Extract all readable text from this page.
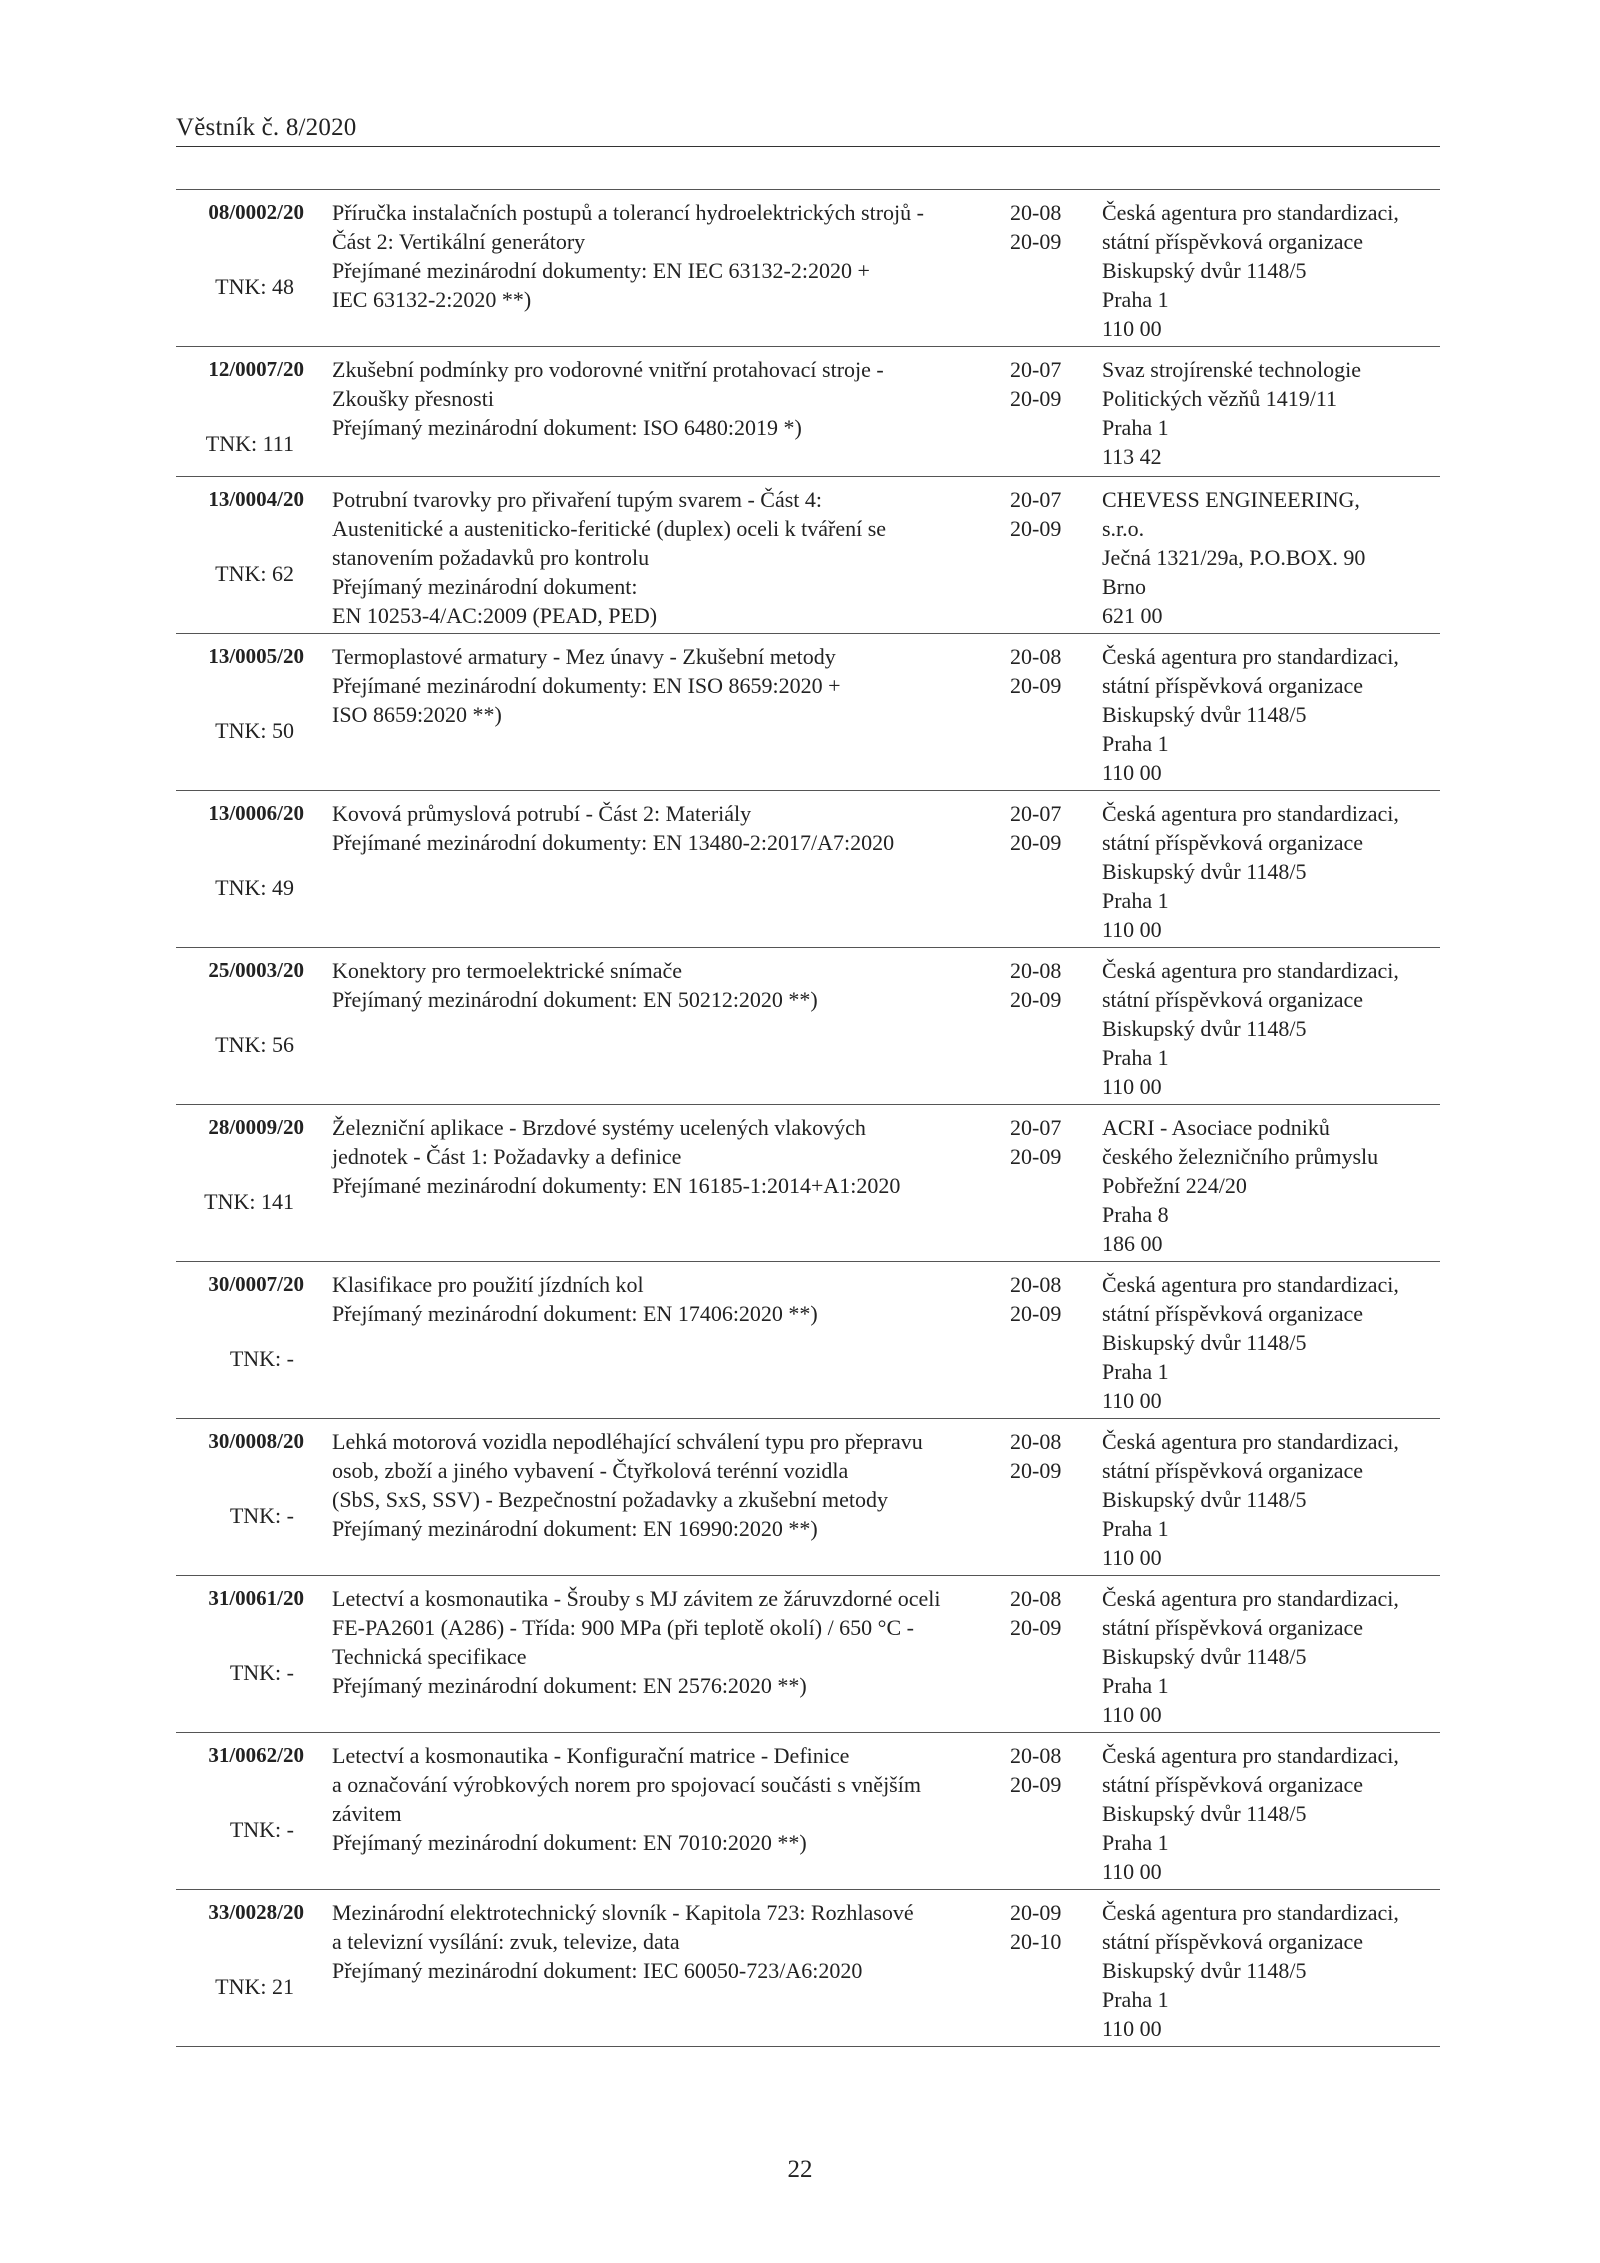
Věstník č. 8/2020
08/0002/20
TNK: 48
Příručka instalačních postupů a tolerancí hydroelektrických strojů -
Část 2: Vertikální generátory
Přejímané mezinárodní dokumenty: EN IEC 63132-2:2020 +
IEC 63132-2:2020 **)
20-08
20-09
Česká agentura pro standardizaci,
státní příspěvková organizace
Biskupský dvůr 1148/5
Praha 1
110 00
12/0007/20
TNK: 111
Zkušební podmínky pro vodorovné vnitřní protahovací stroje -
Zkoušky přesnosti
Přejímaný mezinárodní dokument: ISO 6480:2019 *)
20-07
20-09
Svaz strojírenské technologie
Politických vězňů 1419/11
Praha 1
113 42
13/0004/20
TNK: 62
Potrubní tvarovky pro přivaření tupým svarem - Část 4:
Austenitické a austeniticko-feritické (duplex) oceli k tváření se
stanovením požadavků pro kontrolu
Přejímaný mezinárodní dokument:
EN 10253-4/AC:2009 (PEAD, PED)
20-07
20-09
CHEVESS ENGINEERING,
s.r.o.
Ječná 1321/29a, P.O.BOX. 90
Brno
621 00
13/0005/20
TNK: 50
Termoplastové armatury - Mez únavy - Zkušební metody
Přejímané mezinárodní dokumenty: EN ISO 8659:2020 +
ISO 8659:2020 **)
20-08
20-09
Česká agentura pro standardizaci,
státní příspěvková organizace
Biskupský dvůr 1148/5
Praha 1
110 00
13/0006/20
TNK: 49
Kovová průmyslová potrubí - Část 2: Materiály
Přejímané mezinárodní dokumenty: EN 13480-2:2017/A7:2020
20-07
20-09
Česká agentura pro standardizaci,
státní příspěvková organizace
Biskupský dvůr 1148/5
Praha 1
110 00
25/0003/20
TNK: 56
Konektory pro termoelektrické snímače
Přejímaný mezinárodní dokument: EN 50212:2020 **)
20-08
20-09
Česká agentura pro standardizaci,
státní příspěvková organizace
Biskupský dvůr 1148/5
Praha 1
110 00
28/0009/20
TNK: 141
Železniční aplikace - Brzdové systémy ucelených vlakových
jednotek - Část 1: Požadavky a definice
Přejímané mezinárodní dokumenty: EN 16185-1:2014+A1:2020
20-07
20-09
ACRI - Asociace podniků
českého železničního průmyslu
Pobřežní 224/20
Praha 8
186 00
30/0007/20
TNK: -
Klasifikace pro použití jízdních kol
Přejímaný mezinárodní dokument: EN 17406:2020 **)
20-08
20-09
Česká agentura pro standardizaci,
státní příspěvková organizace
Biskupský dvůr 1148/5
Praha 1
110 00
30/0008/20
TNK: -
Lehká motorová vozidla nepodléhající schválení typu pro přepravu
osob, zboží a jiného vybavení - Čtyřkolová terénní vozidla
(SbS, SxS, SSV) - Bezpečnostní požadavky a zkušební metody
Přejímaný mezinárodní dokument: EN 16990:2020 **)
20-08
20-09
Česká agentura pro standardizaci,
státní příspěvková organizace
Biskupský dvůr 1148/5
Praha 1
110 00
31/0061/20
TNK: -
Letectví a kosmonautika - Šrouby s MJ závitem ze žáruvzdorné oceli
FE-PA2601 (A286) - Třída: 900 MPa (při teplotě okolí) / 650 °C -
Technická specifikace
Přejímaný mezinárodní dokument: EN 2576:2020 **)
20-08
20-09
Česká agentura pro standardizaci,
státní příspěvková organizace
Biskupský dvůr 1148/5
Praha 1
110 00
31/0062/20
TNK: -
Letectví a kosmonautika - Konfigurační matrice - Definice
a označování výrobkových norem pro spojovací součásti s vnějším
závitem
Přejímaný mezinárodní dokument: EN 7010:2020 **)
20-08
20-09
Česká agentura pro standardizaci,
státní příspěvková organizace
Biskupský dvůr 1148/5
Praha 1
110 00
33/0028/20
TNK: 21
Mezinárodní elektrotechnický slovník - Kapitola 723: Rozhlasové
a televizní vysílání: zvuk, televize, data
Přejímaný mezinárodní dokument: IEC 60050-723/A6:2020
20-09
20-10
Česká agentura pro standardizaci,
státní příspěvková organizace
Biskupský dvůr 1148/5
Praha 1
110 00
22
